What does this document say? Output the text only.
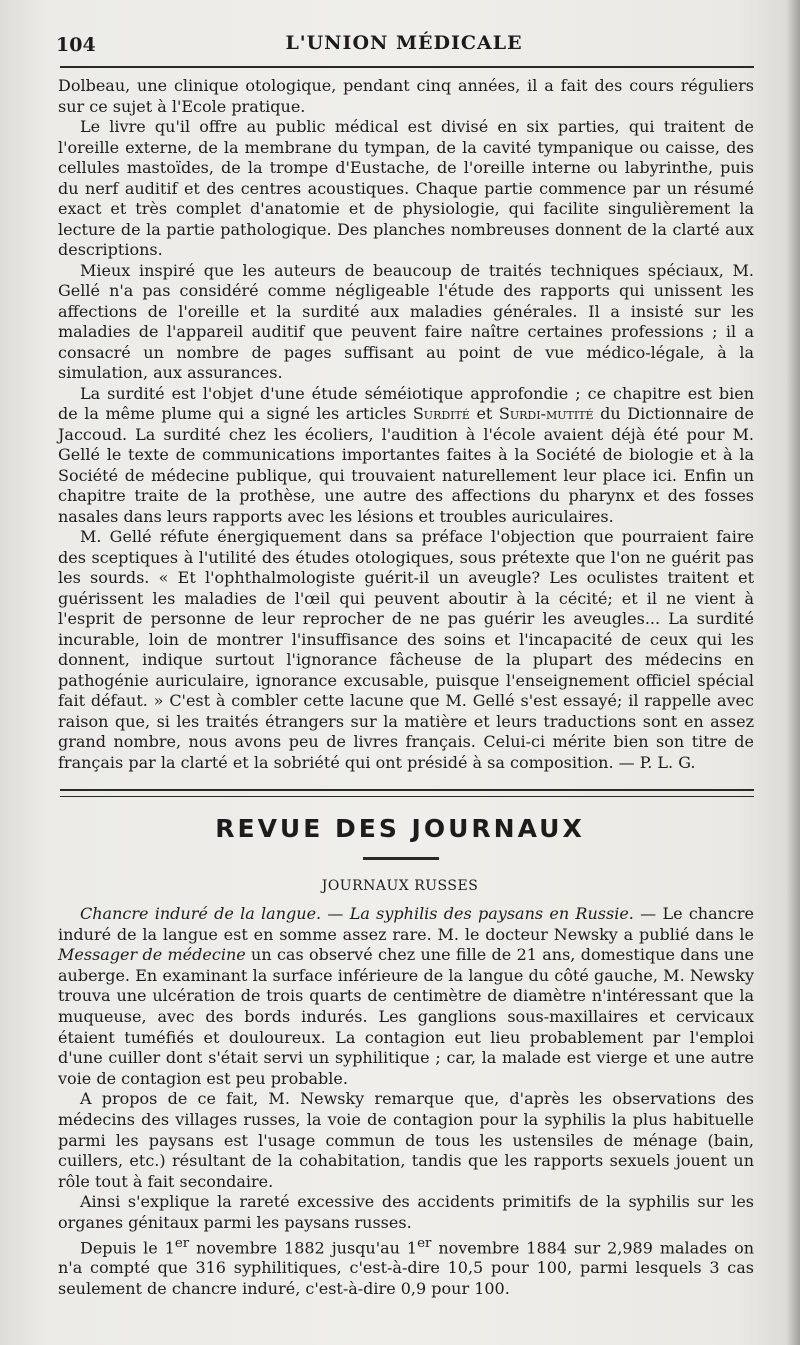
104	L'UNION MÉDICALE

Dolbeau, une clinique otologique, pendant cinq années, il a fait des cours réguliers sur ce sujet à l'Ecole pratique.

Le livre qu'il offre au public médical est divisé en six parties, qui traitent de l'oreille externe, de la membrane du tympan, de la cavité tympanique ou caisse, des cellules mastoïdes, de la trompe d'Eustache, de l'oreille interne ou labyrinthe, puis du nerf auditif et des centres acoustiques. Chaque partie commence par un résumé exact et très complet d'anatomie et de physiologie, qui facilite singulièrement la lecture de la partie pathologique. Des planches nombreuses donnent de la clarté aux descriptions.

Mieux inspiré que les auteurs de beaucoup de traités techniques spéciaux, M. Gellé n'a pas considéré comme négligeable l'étude des rapports qui unissent les affections de l'oreille et la surdité aux maladies générales. Il a insisté sur les maladies de l'appareil auditif que peuvent faire naître certaines professions ; il a consacré un nombre de pages suffisant au point de vue médico-légale, à la simulation, aux assurances.

La surdité est l'objet d'une étude séméiotique approfondie ; ce chapitre est bien de la même plume qui a signé les articles Surdité et Surdi-mutité du Dictionnaire de Jaccoud. La surdité chez les écoliers, l'audition à l'école avaient déjà été pour M. Gellé le texte de communications importantes faites à la Société de biologie et à la Société de médecine publique, qui trouvaient naturellement leur place ici. Enfin un chapitre traite de la prothèse, une autre des affections du pharynx et des fosses nasales dans leurs rapports avec les lésions et troubles auriculaires.

M. Gellé réfute énergiquement dans sa préface l'objection que pourraient faire des sceptiques à l'utilité des études otologiques, sous prétexte que l'on ne guérit pas les sourds. « Et l'ophthalmologiste guérit-il un aveugle? Les oculistes traitent et guérissent les maladies de l'œil qui peuvent aboutir à la cécité; et il ne vient à l'esprit de personne de leur reprocher de ne pas guérir les aveugles... La surdité incurable, loin de montrer l'insuffisance des soins et l'incapacité de ceux qui les donnent, indique surtout l'ignorance fâcheuse de la plupart des médecins en pathogénie auriculaire, ignorance excusable, puisque l'enseignement officiel spécial fait défaut. » C'est à combler cette lacune que M. Gellé s'est essayé; il rappelle avec raison que, si les traités étrangers sur la matière et leurs traductions sont en assez grand nombre, nous avons peu de livres français. Celui-ci mérite bien son titre de français par la clarté et la sobriété qui ont présidé à sa composition. — P. L. G.

REVUE DES JOURNAUX
JOURNAUX RUSSES

Chancre induré de la langue. — La syphilis des paysans en Russie. — Le chancre induré de la langue est en somme assez rare. M. le docteur Newsky a publié dans le Messager de médecine un cas observé chez une fille de 21 ans, domestique dans une auberge. En examinant la surface inférieure de la langue du côté gauche, M. Newsky trouva une ulcération de trois quarts de centimètre de diamètre n'intéressant que la muqueuse, avec des bords indurés. Les ganglions sous-maxillaires et cervicaux étaient tuméfiés et douloureux. La contagion eut lieu probablement par l'emploi d'une cuiller dont s'était servi un syphilitique ; car, la malade est vierge et une autre voie de contagion est peu probable.

A propos de ce fait, M. Newsky remarque que, d'après les observations des médecins des villages russes, la voie de contagion pour la syphilis la plus habituelle parmi les paysans est l'usage commun de tous les ustensiles de ménage (bain, cuillers, etc.) résultant de la cohabitation, tandis que les rapports sexuels jouent un rôle tout à fait secondaire.

Ainsi s'explique la rareté excessive des accidents primitifs de la syphilis sur les organes génitaux parmi les paysans russes.

Depuis le 1er novembre 1882 jusqu'au 1er novembre 1884 sur 2,989 malades on n'a compté que 316 syphilitiques, c'est-à-dire 10,5 pour 100, parmi lesquels 3 cas seulement de chancre induré, c'est-à-dire 0,9 pour 100.
